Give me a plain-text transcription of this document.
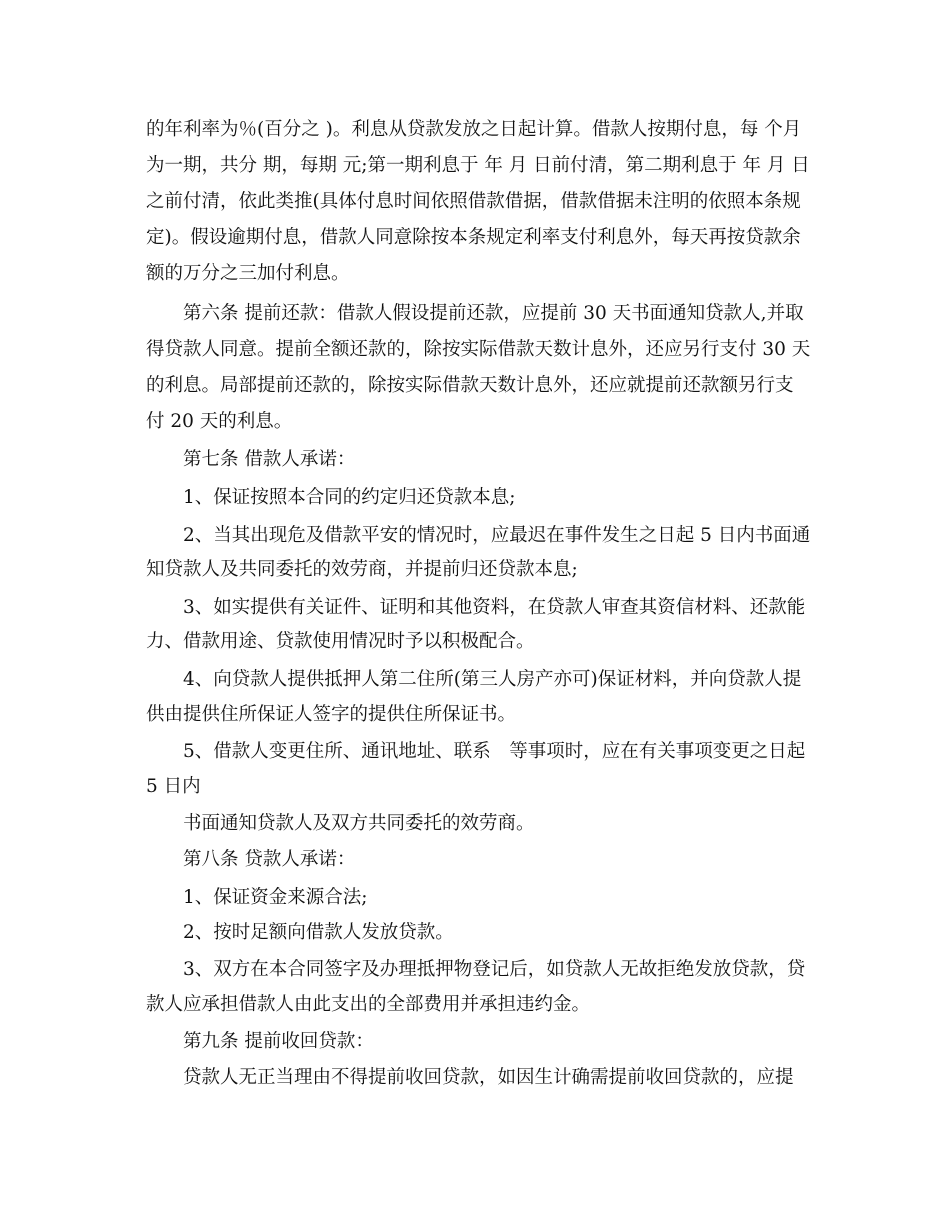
的年利率为％(百分之 )。利息从贷款发放之日起计算。借款人按期付息，每 个月
为一期，共分 期，每期 元;第一期利息于 年 月 日前付清，第二期利息于 年 月 日
之前付清，依此类推(具体付息时间依照借款借据，借款借据未注明的依照本条规
定)。假设逾期付息，借款人同意除按本条规定利率支付利息外，每天再按贷款余
额的万分之三加付利息。
第六条 提前还款：借款人假设提前还款，应提前 30 天书面通知贷款人,并取
得贷款人同意。提前全额还款的，除按实际借款天数计息外，还应另行支付 30 天
的利息。局部提前还款的，除按实际借款天数计息外，还应就提前还款额另行支
付 20 天的利息。
第七条 借款人承诺：
1、保证按照本合同的约定归还贷款本息;
2、当其出现危及借款平安的情况时，应最迟在事件发生之日起 5 日内书面通
知贷款人及共同委托的效劳商，并提前归还贷款本息;
3、如实提供有关证件、证明和其他资料，在贷款人审查其资信材料、还款能
力、借款用途、贷款使用情况时予以积极配合。
4、向贷款人提供抵押人第二住所(第三人房产亦可)保证材料，并向贷款人提
供由提供住所保证人签字的提供住所保证书。
5、借款人变更住所、通讯地址、联系　等事项时，应在有关事项变更之日起
5 日内
书面通知贷款人及双方共同委托的效劳商。
第八条 贷款人承诺：
1、保证资金来源合法;
2、按时足额向借款人发放贷款。
3、双方在本合同签字及办理抵押物登记后，如贷款人无故拒绝发放贷款，贷
款人应承担借款人由此支出的全部费用并承担违约金。
第九条 提前收回贷款：
贷款人无正当理由不得提前收回贷款，如因生计确需提前收回贷款的，应提
